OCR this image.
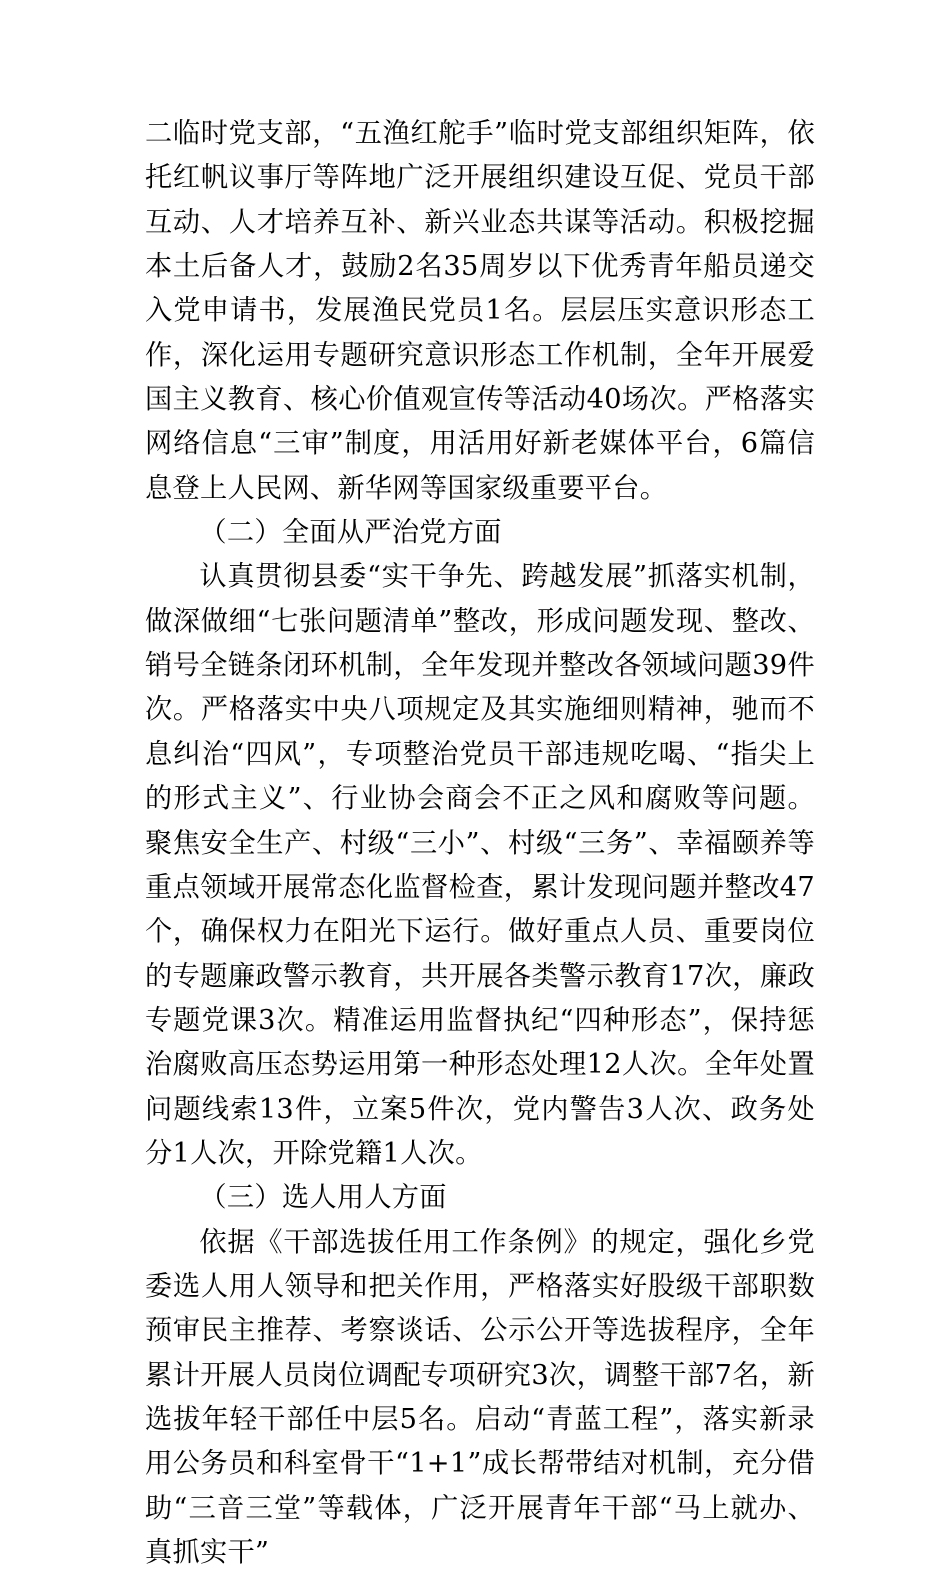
二临时党支部，“五渔红舵手”临时党支部组织矩阵，依托红帆议事厅等阵地广泛开展组织建设互促、党员干部互动、人才培养互补、新兴业态共谋等活动。积极挖掘本土后备人才，鼓励2名35周岁以下优秀青年船员递交入党申请书，发展渔民党员1名。层层压实意识形态工作，深化运用专题研究意识形态工作机制，全年开展爱国主义教育、核心价值观宣传等活动40场次。严格落实网络信息“三审”制度，用活用好新老媒体平台，6篇信息登上人民网、新华网等国家级重要平台。

（二）全面从严治党方面

认真贯彻县委“实干争先、跨越发展”抓落实机制，做深做细“七张问题清单”整改，形成问题发现、整改、销号全链条闭环机制，全年发现并整改各领域问题39件次。严格落实中央八项规定及其实施细则精神，驰而不息纠治“四风”，专项整治党员干部违规吃喝、“指尖上的形式主义”、行业协会商会不正之风和腐败等问题。聚焦安全生产、村级“三小”、村级“三务”、幸福颐养等重点领域开展常态化监督检查，累计发现问题并整改47个，确保权力在阳光下运行。做好重点人员、重要岗位的专题廉政警示教育，共开展各类警示教育17次，廉政专题党课3次。精准运用监督执纪“四种形态”，保持惩治腐败高压态势运用第一种形态处理12人次。全年处置问题线索13件，立案5件次，党内警告3人次、政务处分1人次，开除党籍1人次。

（三）选人用人方面

依据《干部选拔任用工作条例》的规定，强化乡党委选人用人领导和把关作用，严格落实好股级干部职数预审民主推荐、考察谈话、公示公开等选拔程序，全年累计开展人员岗位调配专项研究3次，调整干部7名，新选拔年轻干部任中层5名。启动“青蓝工程”，落实新录用公务员和科室骨干“1+1”成长帮带结对机制，充分借助“三音三堂”等载体，广泛开展青年干部“马上就办、真抓实干”
